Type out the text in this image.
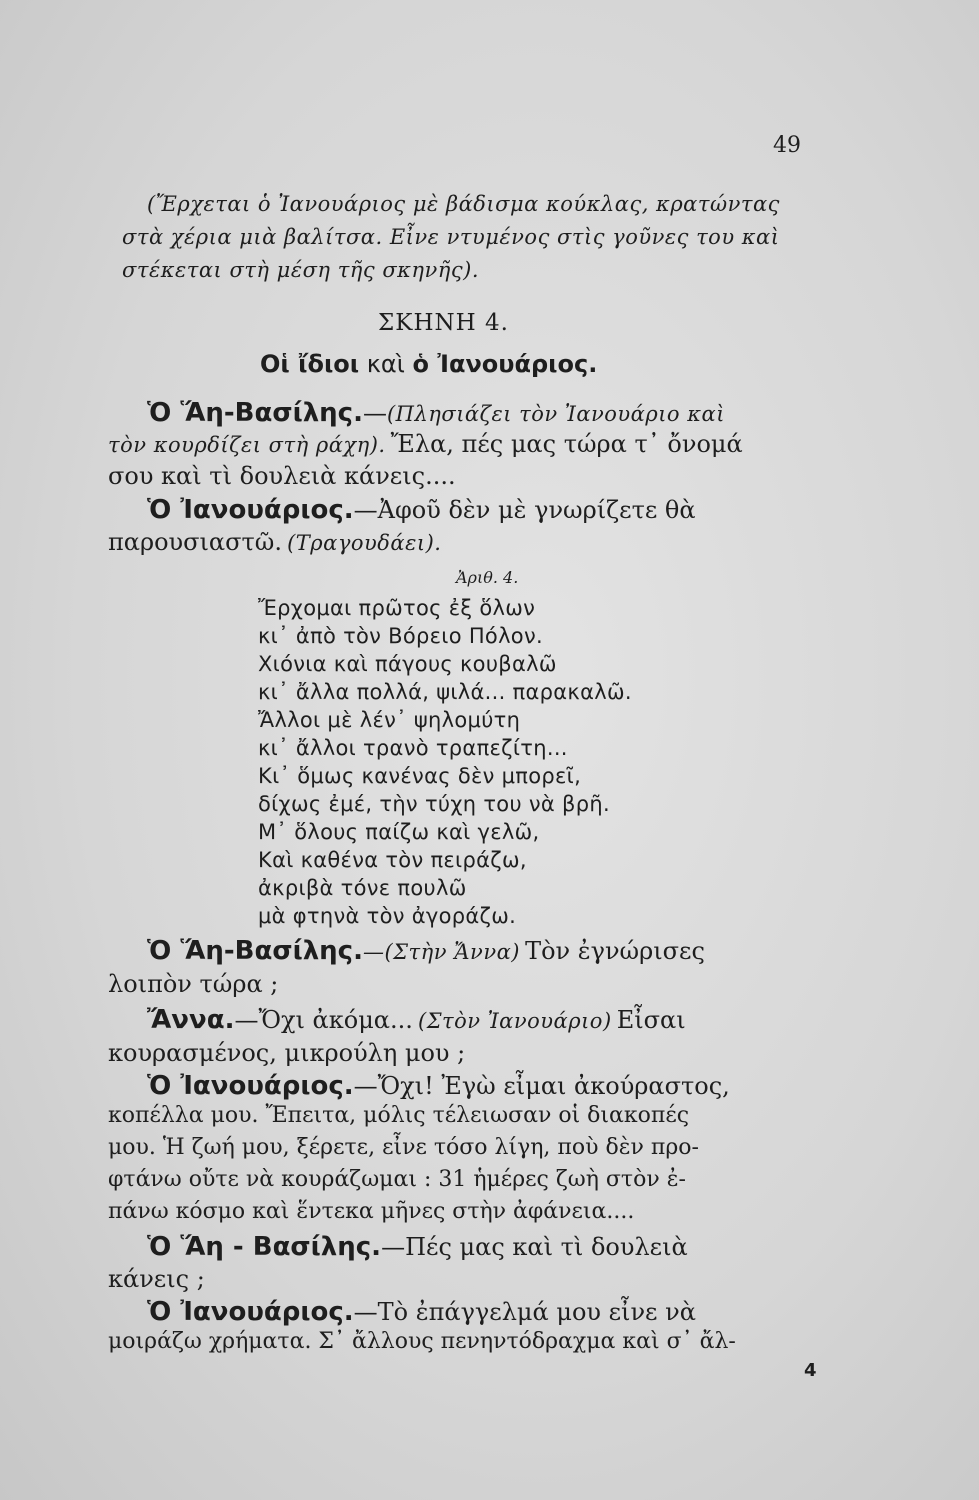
49
(Ἔρχεται ὁ Ἰανουάριος μὲ βάδισμα κούκλας, κρατώντας
στὰ χέρια μιὰ βαλίτσα. Εἶνε ντυμένος στὶς γοῦνες του καὶ
στέκεται στὴ μέση τῆς σκηνῆς).
ΣΚΗΝΗ 4.
Οἱ ἴδιοι καὶ ὁ Ἰανουάριος.
Ὁ Ἅη-Βασίλης.—(Πλησιάζει τὸν Ἰανουάριο καὶ
τὸν κουρδίζει στὴ ράχη). Ἔλα, πές μας τώρα τ᾽ ὄνομά
σου καὶ τὶ δουλειὰ κάνεις....
Ὁ Ἰανουάριος.—Ἀφοῦ δὲν μὲ γνωρίζετε θὰ
παρουσιαστῶ. (Τραγουδάει).
Ἀριθ. 4.
Ἔρχομαι πρῶτος ἐξ ὅλων
κι᾽ ἀπὸ τὸν Βόρειο Πόλον.
Χιόνια καὶ πάγους κουβαλῶ
κι᾽ ἄλλα πολλά, ψιλά... παρακαλῶ.
Ἄλλοι μὲ λέν᾽ ψηλομύτη
κι᾽ ἄλλοι τρανὸ τραπεζίτη...
Κι᾽ ὅμως κανένας δὲν μπορεῖ,
δίχως ἐμέ, τὴν τύχη του νὰ βρῆ.
Μ᾽ ὅλους παίζω καὶ γελῶ,
Καὶ καθένα τὸν πειράζω,
ἀκριβὰ τόνε πουλῶ
μὰ φτηνὰ τὸν ἀγοράζω.
Ὁ Ἅη-Βασίλης.—(Στὴν Ἄννα) Τὸν ἐγνώρισες
λοιπὸν τώρα ;
Ἄννα.—Ὄχι ἀκόμα... (Στὸν Ἰανουάριο) Εἶσαι
κουρασμένος, μικρούλη μου ;
Ὁ Ἰανουάριος.—Ὄχι! Ἐγὼ εἶμαι ἀκούραστος,
κοπέλλα μου. Ἔπειτα, μόλις τέλειωσαν οἱ διακοπές
μου. Ἡ ζωή μου, ξέρετε, εἶνε τόσο λίγη, ποὺ δὲν προ-
φτάνω οὔτε νὰ κουράζωμαι : 31 ἡμέρες ζωὴ στὸν ἐ-
πάνω κόσμο καὶ ἕντεκα μῆνες στὴν ἀφάνεια....
Ὁ Ἅη - Βασίλης.—Πές μας καὶ τὶ δουλειὰ
κάνεις ;
Ὁ Ἰανουάριος.—Τὸ ἐπάγγελμά μου εἶνε νὰ
μοιράζω χρήματα. Σ᾽ ἄλλους πενηντόδραχμα καὶ σ᾽ ἄλ-
4
